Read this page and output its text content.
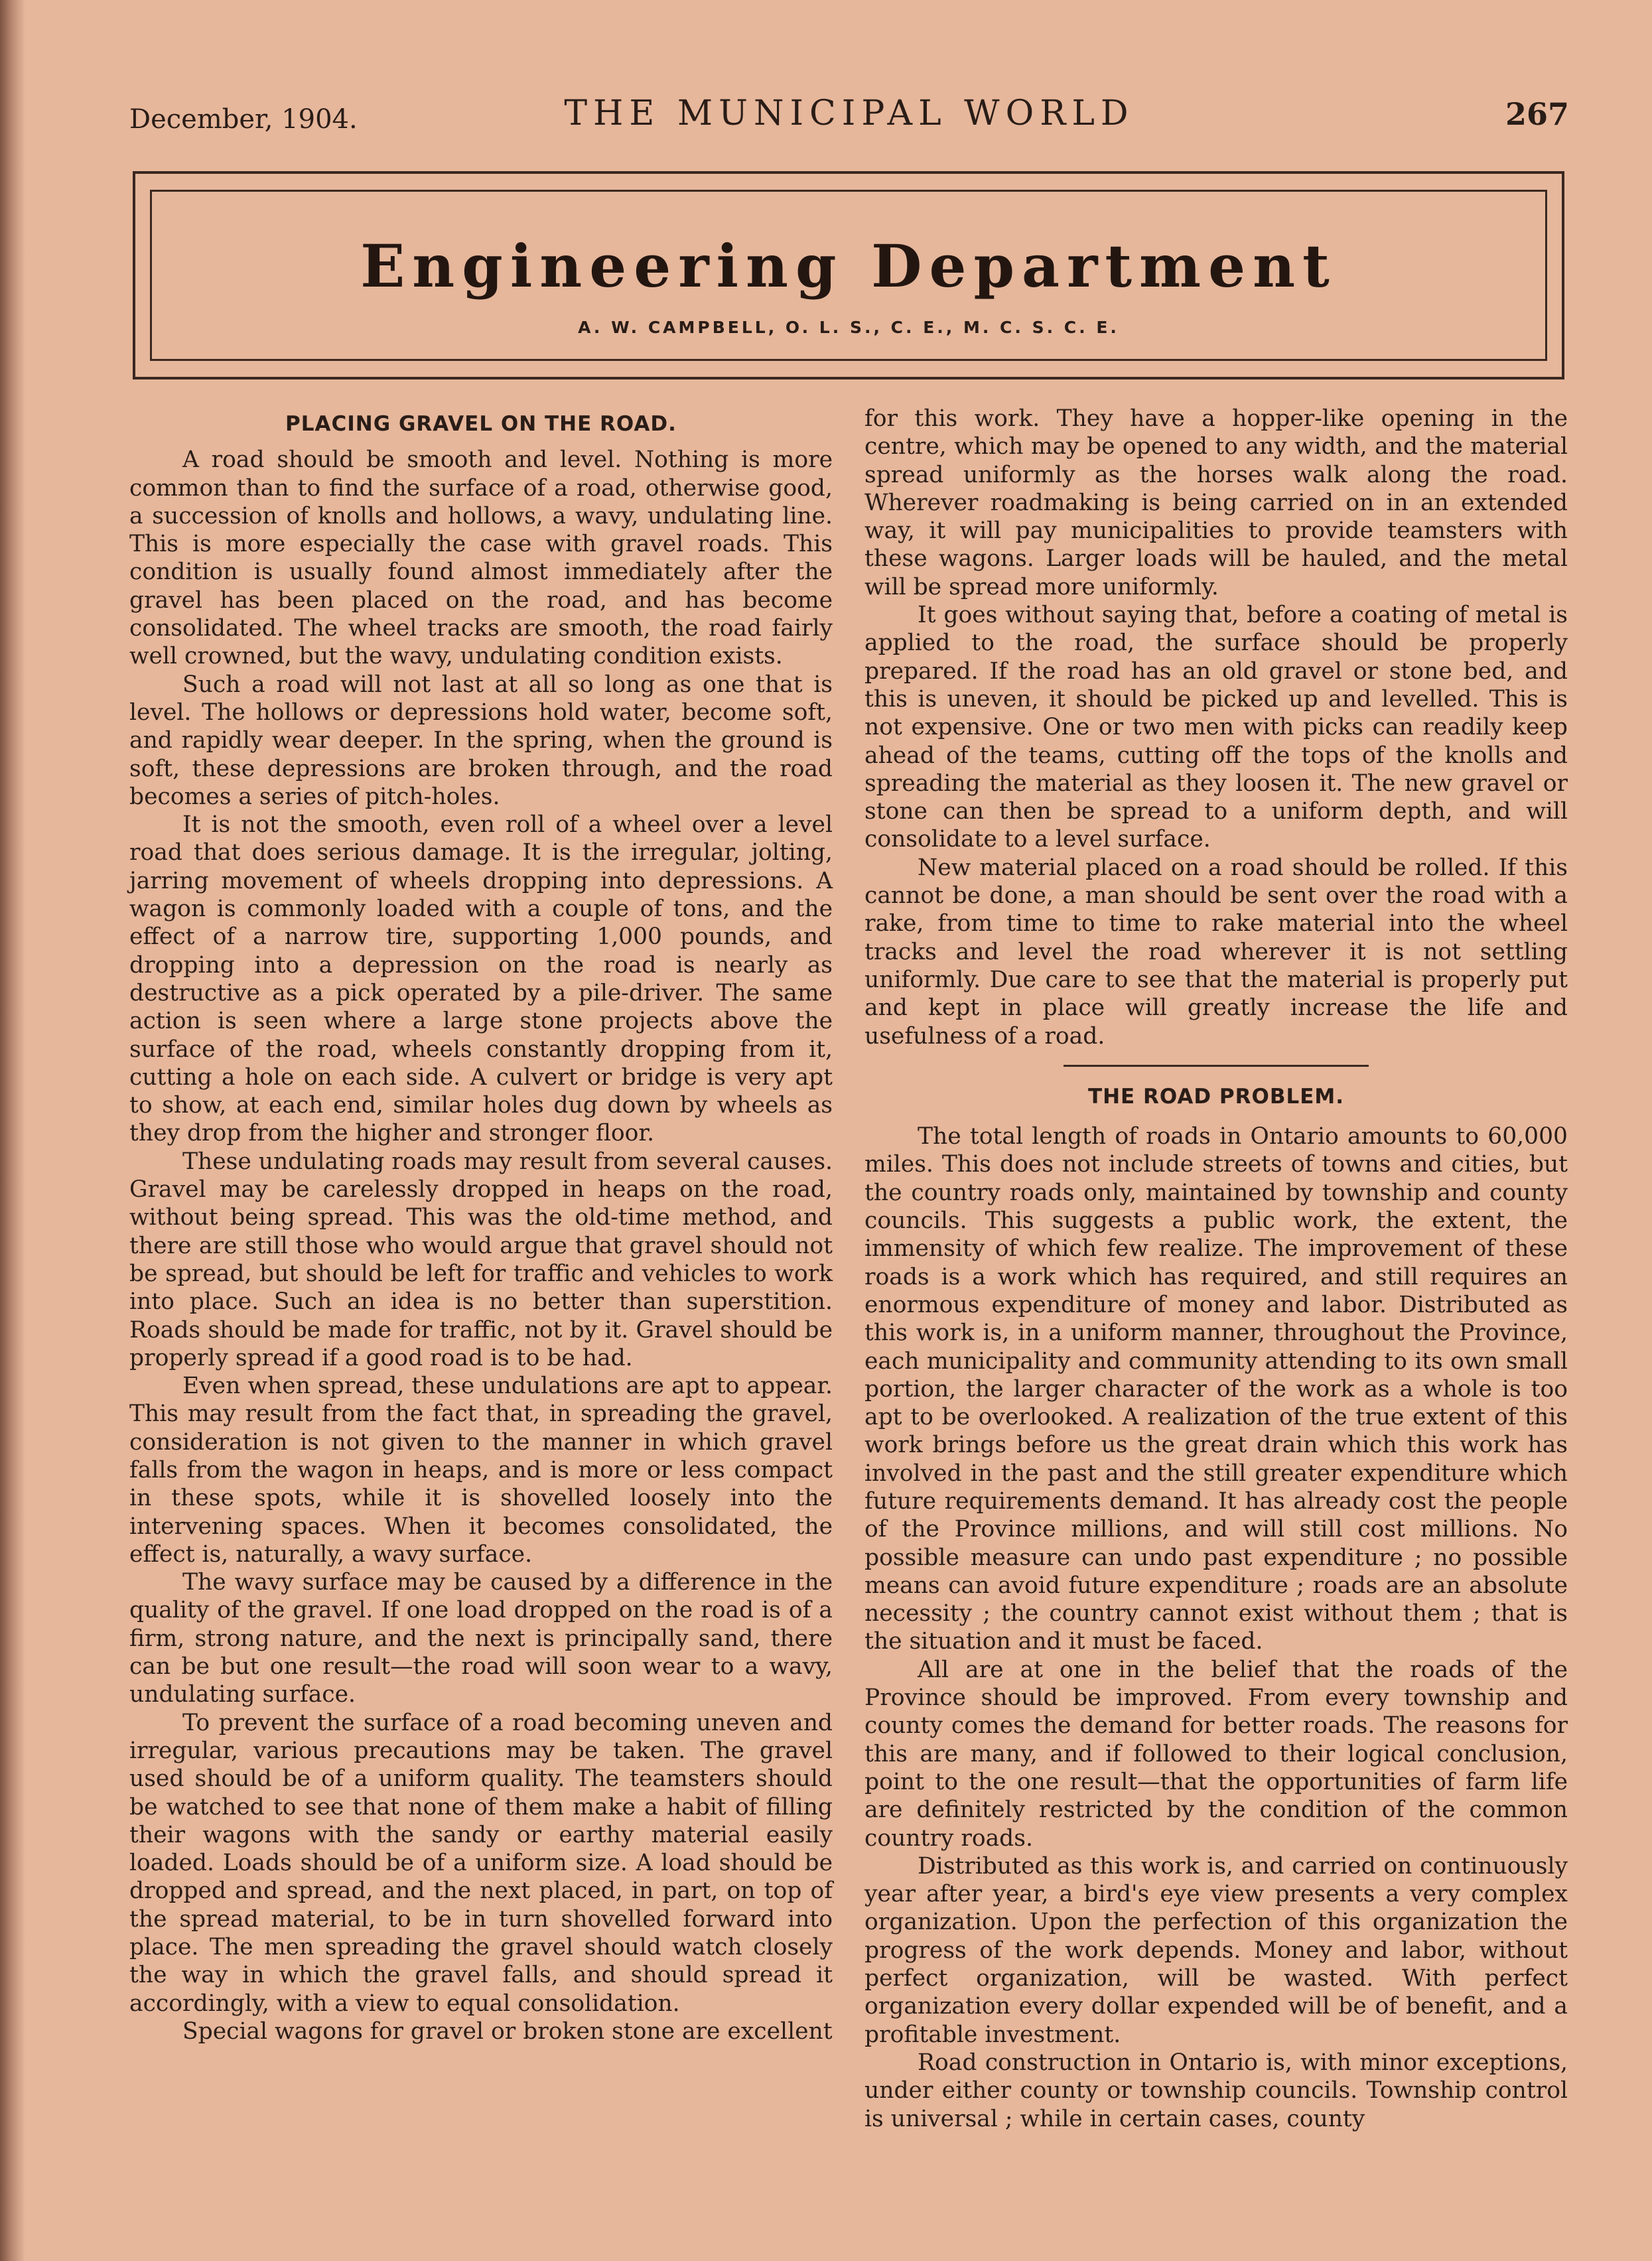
December, 1904.	THE MUNICIPAL WORLD	267
Engineering Department
A. W. CAMPBELL, O. L. S., C. E., M. C. S. C. E.
PLACING GRAVEL ON THE ROAD.

A road should be smooth and level. Nothing is more common than to find the surface of a road, otherwise good, a succession of knolls and hollows, a wavy, undulating line. This is more especially the case with gravel roads. This condition is usually found almost immediately after the gravel has been placed on the road, and has become consolidated. The wheel tracks are smooth, the road fairly well crowned, but the wavy, undulating condition exists.

Such a road will not last at all so long as one that is level. The hollows or depressions hold water, become soft, and rapidly wear deeper. In the spring, when the ground is soft, these depressions are broken through, and the road becomes a series of pitch-holes.

It is not the smooth, even roll of a wheel over a level road that does serious damage. It is the irregular, jolting, jarring movement of wheels dropping into depressions. A wagon is commonly loaded with a couple of tons, and the effect of a narrow tire, supporting 1,000 pounds, and dropping into a depression on the road is nearly as destructive as a pick operated by a pile-driver. The same action is seen where a large stone projects above the surface of the road, wheels constantly dropping from it, cutting a hole on each side. A culvert or bridge is very apt to show, at each end, similar holes dug down by wheels as they drop from the higher and stronger floor.

These undulating roads may result from several causes. Gravel may be carelessly dropped in heaps on the road, without being spread. This was the old-time method, and there are still those who would argue that gravel should not be spread, but should be left for traffic and vehicles to work into place. Such an idea is no better than superstition. Roads should be made for traffic, not by it. Gravel should be properly spread if a good road is to be had.

Even when spread, these undulations are apt to appear. This may result from the fact that, in spreading the gravel, consideration is not given to the manner in which gravel falls from the wagon in heaps, and is more or less compact in these spots, while it is shovelled loosely into the intervening spaces. When it becomes consolidated, the effect is, naturally, a wavy surface.

The wavy surface may be caused by a difference in the quality of the gravel. If one load dropped on the road is of a firm, strong nature, and the next is principally sand, there can be but one result—the road will soon wear to a wavy, undulating surface.

To prevent the surface of a road becoming uneven and irregular, various precautions may be taken. The gravel used should be of a uniform quality. The teamsters should be watched to see that none of them make a habit of filling their wagons with the sandy or earthy material easily loaded. Loads should be of a uniform size. A load should be dropped and spread, and the next placed, in part, on top of the spread material, to be in turn shovelled forward into place. The men spreading the gravel should watch closely the way in which the gravel falls, and should spread it accordingly, with a view to equal consolidation.

Special wagons for gravel or broken stone are excellent

for this work. They have a hopper-like opening in the centre, which may be opened to any width, and the material spread uniformly as the horses walk along the road. Wherever roadmaking is being carried on in an extended way, it will pay municipalities to provide teamsters with these wagons. Larger loads will be hauled, and the metal will be spread more uniformly.

It goes without saying that, before a coating of metal is applied to the road, the surface should be properly prepared. If the road has an old gravel or stone bed, and this is uneven, it should be picked up and levelled. This is not expensive. One or two men with picks can readily keep ahead of the teams, cutting off the tops of the knolls and spreading the material as they loosen it. The new gravel or stone can then be spread to a uniform depth, and will consolidate to a level surface.

New material placed on a road should be rolled. If this cannot be done, a man should be sent over the road with a rake, from time to time to rake material into the wheel tracks and level the road wherever it is not settling uniformly. Due care to see that the material is properly put and kept in place will greatly increase the life and usefulness of a road.

THE ROAD PROBLEM.

The total length of roads in Ontario amounts to 60,000 miles. This does not include streets of towns and cities, but the country roads only, maintained by township and county councils. This suggests a public work, the extent, the immensity of which few realize. The improvement of these roads is a work which has required, and still requires an enormous expenditure of money and labor. Distributed as this work is, in a uniform manner, throughout the Province, each municipality and community attending to its own small portion, the larger character of the work as a whole is too apt to be overlooked. A realization of the true extent of this work brings before us the great drain which this work has involved in the past and the still greater expenditure which future requirements demand. It has already cost the people of the Province millions, and will still cost millions. No possible measure can undo past expenditure ; no possible means can avoid future expenditure ; roads are an absolute necessity ; the country cannot exist without them ; that is the situation and it must be faced.

All are at one in the belief that the roads of the Province should be improved. From every township and county comes the demand for better roads. The reasons for this are many, and if followed to their logical conclusion, point to the one result—that the opportunities of farm life are definitely restricted by the condition of the common country roads.

Distributed as this work is, and carried on continuously year after year, a bird's eye view presents a very complex organization. Upon the perfection of this organization the progress of the work depends. Money and labor, without perfect organization, will be wasted. With perfect organization every dollar expended will be of benefit, and a profitable investment.

Road construction in Ontario is, with minor exceptions, under either county or township councils. Township control is universal ; while in certain cases, county
